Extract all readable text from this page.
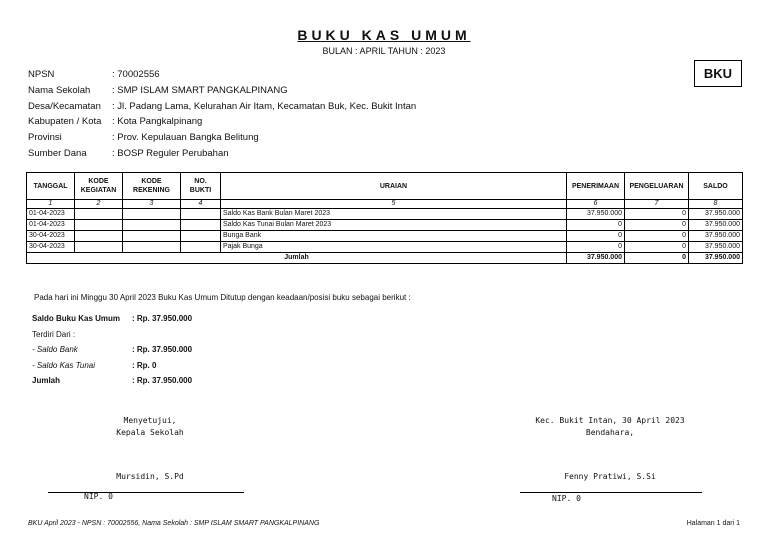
BUKU KAS UMUM
BULAN : APRIL TAHUN : 2023
BKU
NPSN	: 70002556
Nama Sekolah	: SMP ISLAM SMART PANGKALPINANG
Desa/Kecamatan	: Jl. Padang Lama, Kelurahan Air Itam, Kecamatan Buk, Kec. Bukit Intan
Kabupaten / Kota	: Kota Pangkalpinang
Provinsi	: Prov. Kepulauan Bangka Belitung
Sumber Dana	: BOSP Reguler Perubahan
TANGGAL	KODE KEGIATAN	KODE REKENING	NO. BUKTI	URAIAN	PENERIMAAN	PENGELUARAN	SALDO
1	2	3	4	5	6	7	8
01-04-2023				Saldo Kas Bank Bulan Maret 2023	37.950.000	0	37.950.000
01-04-2023				Saldo Kas Tunai Bulan Maret 2023	0	0	37.950.000
30-04-2023				Bunga Bank	0	0	37.950.000
30-04-2023				Pajak Bunga	0	0	37.950.000
Jumlah					37.950.000	0	37.950.000
Pada hari ini Minggu 30 April 2023 Buku Kas Umum Ditutup dengan keadaan/posisi buku sebagai berikut :
Saldo Buku Kas Umum : Rp. 37.950.000
Terdiri Dari :
- Saldo Bank	: Rp. 37.950.000
- Saldo Kas Tunai	: Rp. 0
Jumlah	: Rp. 37.950.000
Menyetujui,
Kepala Sekolah
Mursidin, S.Pd
NIP. 0
Kec. Bukit Intan, 30 April 2023
Bendahara,
Fenny Pratiwi, S.Si
NIP. 0
BKU April 2023 - NPSN : 70002556, Nama Sekolah : SMP ISLAM SMART PANGKALPINANG	Halaman 1 dari 1
